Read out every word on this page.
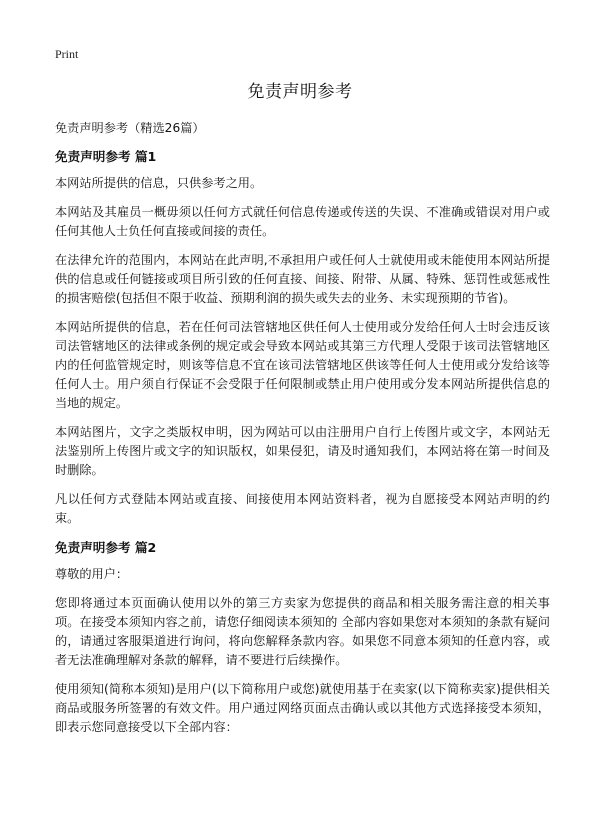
Print
免责声明参考

免责声明参考（精选26篇）

免责声明参考 篇1

本网站所提供的信息，只供参考之用。

本网站及其雇员一概毋须以任何方式就任何信息传递或传送的失误、不准确或错误对用户或任何其他人士负任何直接或间接的责任。

在法律允许的范围内，本网站在此声明,不承担用户或任何人士就使用或未能使用本网站所提供的信息或任何链接或项目所引致的任何直接、间接、附带、从属、特殊、惩罚性或惩戒性的损害赔偿(包括但不限于收益、预期利润的损失或失去的业务、未实现预期的节省)。

本网站所提供的信息，若在任何司法管辖地区供任何人士使用或分发给任何人士时会违反该司法管辖地区的法律或条例的规定或会导致本网站或其第三方代理人受限于该司法管辖地区内的任何监管规定时，则该等信息不宜在该司法管辖地区供该等任何人士使用或分发给该等任何人士。用户须自行保证不会受限于任何限制或禁止用户使用或分发本网站所提供信息的当地的规定。

本网站图片，文字之类版权申明，因为网站可以由注册用户自行上传图片或文字，本网站无法鉴别所上传图片或文字的知识版权，如果侵犯，请及时通知我们，本网站将在第一时间及时删除。

凡以任何方式登陆本网站或直接、间接使用本网站资料者，视为自愿接受本网站声明的约束。

免责声明参考 篇2

尊敬的用户：

您即将通过本页面确认使用以外的第三方卖家为您提供的商品和相关服务需注意的相关事项。在接受本须知内容之前，请您仔细阅读本须知的 全部内容如果您对本须知的条款有疑问的，请通过客服渠道进行询问，将向您解释条款内容。如果您不同意本须知的任意内容，或者无法准确理解对条款的解释，请不要进行后续操作。

使用须知(简称本须知)是用户(以下简称用户或您)就使用基于在卖家(以下简称卖家)提供相关商品或服务所签署的有效文件。用户通过网络页面点击确认或以其他方式选择接受本须知，即表示您同意接受以下全部内容：
